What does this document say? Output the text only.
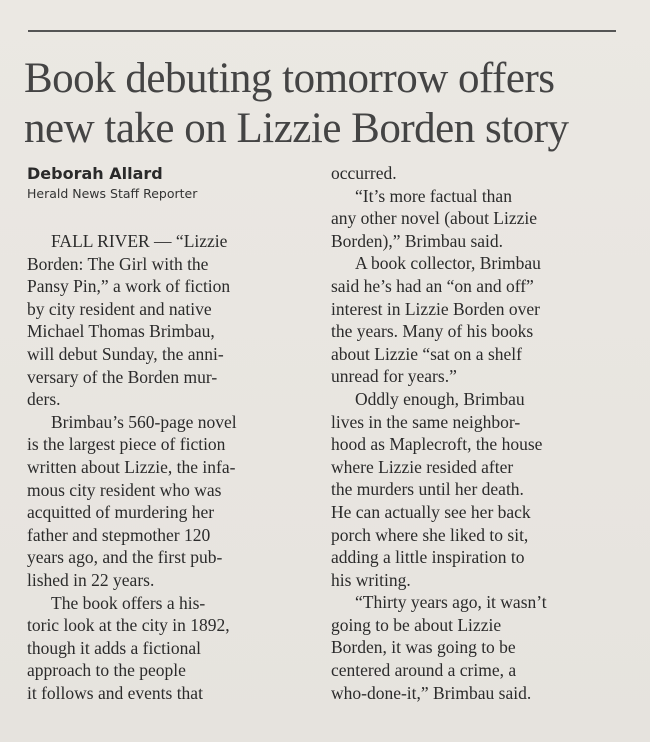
Book debuting tomorrow offers
new take on Lizzie Borden story
Deborah Allard
Herald News Staff Reporter
FALL RIVER — “Lizzie
Borden: The Girl with the
Pansy Pin,” a work of fiction
by city resident and native
Michael Thomas Brimbau,
will debut Sunday, the anni-
versary of the Borden mur-
ders.
Brimbau’s 560-page novel
is the largest piece of fiction
written about Lizzie, the infa-
mous city resident who was
acquitted of murdering her
father and stepmother 120
years ago, and the first pub-
lished in 22 years.
The book offers a his-
toric look at the city in 1892,
though it adds a fictional
approach to the people
it follows and events that
occurred.
“It’s more factual than
any other novel (about Lizzie
Borden),” Brimbau said.
A book collector, Brimbau
said he’s had an “on and off”
interest in Lizzie Borden over
the years. Many of his books
about Lizzie “sat on a shelf
unread for years.”
Oddly enough, Brimbau
lives in the same neighbor-
hood as Maplecroft, the house
where Lizzie resided after
the murders until her death.
He can actually see her back
porch where she liked to sit,
adding a little inspiration to
his writing.
“Thirty years ago, it wasn’t
going to be about Lizzie
Borden, it was going to be
centered around a crime, a
who-done-it,” Brimbau said.
